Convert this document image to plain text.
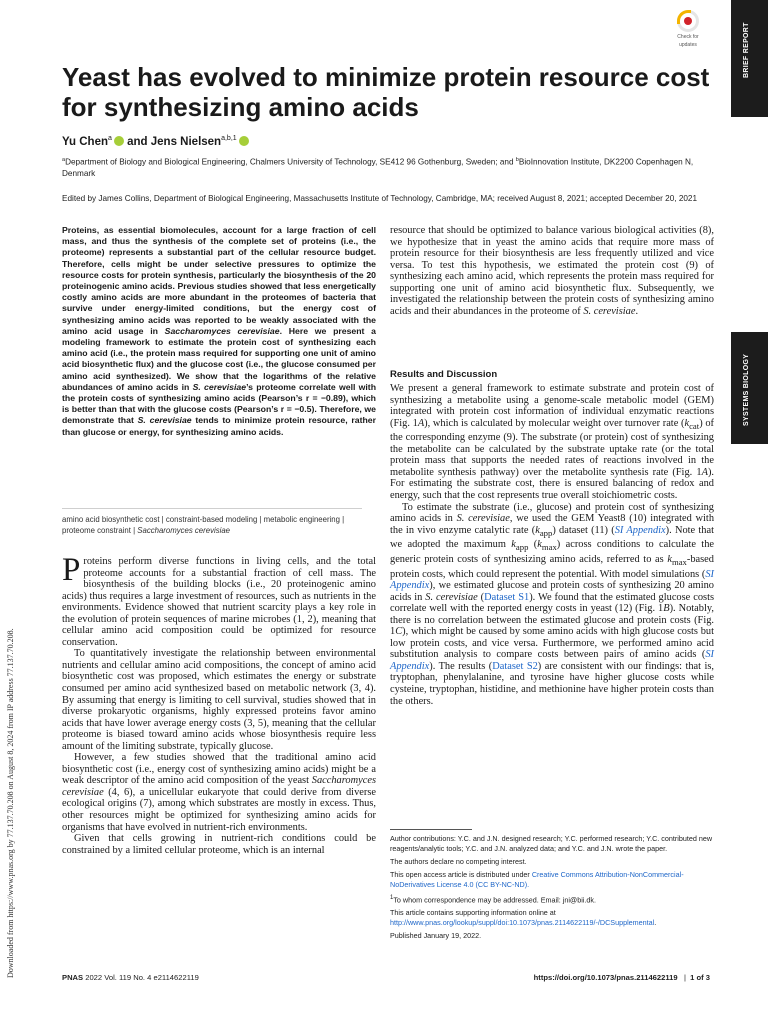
BRIEF REPORT
SYSTEMS BIOLOGY
Check for
updates
Yeast has evolved to minimize protein resource cost for synthesizing amino acids
Yu Chen$^a$ and Jens Nielsen$^{a,b,1}$
$^a$Department of Biology and Biological Engineering, Chalmers University of Technology, SE412 96 Gothenburg, Sweden; and $^b$BioInnovation Institute, DK2200 Copenhagen N, Denmark
Edited by James Collins, Department of Biological Engineering, Massachusetts Institute of Technology, Cambridge, MA; received August 8, 2021; accepted December 20, 2021
Proteins, as essential biomolecules, account for a large fraction of cell mass, and thus the synthesis of the complete set of proteins (i.e., the proteome) represents a substantial part of the cellular resource budget. Therefore, cells might be under selective pressures to optimize the resource costs for protein synthesis, particularly the biosynthesis of the 20 proteinogenic amino acids. Previous studies showed that less energetically costly amino acids are more abundant in the proteomes of bacteria that survive under energy-limited conditions, but the energy cost of synthesizing amino acids was reported to be weakly associated with the amino acid usage in Saccharomyces cerevisiae. Here we present a modeling framework to estimate the protein cost of synthesizing each amino acid (i.e., the protein mass required for supporting one unit of amino acid biosynthetic flux) and the glucose cost (i.e., the glucose consumed per amino acid synthesized). We show that the logarithms of the relative abundances of amino acids in S. cerevisiae’s proteome correlate well with the protein costs of synthesizing amino acids (Pearson’s r = −0.89), which is better than that with the glucose costs (Pearson’s r = −0.5). Therefore, we demonstrate that S. cerevisiae tends to minimize protein resource, rather than glucose or energy, for synthesizing amino acids.
amino acid biosynthetic cost | constraint-based modeling | metabolic engineering | proteome constraint | Saccharomyces cerevisiae

Proteins perform diverse functions in living cells, and the total proteome accounts for a substantial fraction of cell mass. The biosynthesis of the building blocks (i.e., 20 proteinogenic amino acids) thus requires a large investment of resources, such as nutrients in the environments. Evidence showed that nutrient scarcity plays a key role in the evolution of protein sequences of marine microbes (1, 2), meaning that cellular amino acid composition could be optimized for resource conservation.

To quantitatively investigate the relationship between environmental nutrients and cellular amino acid compositions, the concept of amino acid biosynthetic cost was proposed, which estimates the energy or substrate consumed per amino acid synthesized based on metabolic network (3, 4). By assuming that energy is limiting to cell survival, studies showed that in diverse prokaryotic organisms, highly expressed proteins favor amino acids that have lower average energy costs (3, 5), meaning that the cellular proteome is biased toward amino acids whose biosynthesis require less amount of the limiting substrate, typically glucose.

However, a few studies showed that the traditional amino acid biosynthetic cost (i.e., energy cost of synthesizing amino acids) might be a weak descriptor of the amino acid composition of the yeast Saccharomyces cerevisiae (4, 6), a unicellular eukaryote that could derive from diverse ecological origins (7), among which substrates are mostly in excess. Thus, other resources might be optimized for synthesizing amino acids for organisms that have evolved in nutrient-rich environments.

Given that cells growing in nutrient-rich conditions could be constrained by a limited cellular proteome, which is an internal

resource that should be optimized to balance various biological activities (8), we hypothesize that in yeast the amino acids that require more mass of protein resource for their biosynthesis are less frequently utilized and vice versa. To test this hypothesis, we estimated the protein cost (9) of synthesizing each amino acid, which represents the protein mass required for supporting one unit of amino acid biosynthetic flux. Subsequently, we investigated the relationship between the protein costs of synthesizing amino acids and their abundances in the proteome of S. cerevisiae.

Results and Discussion

We present a general framework to estimate substrate and protein cost of synthesizing a metabolite using a genome-scale metabolic model (GEM) integrated with protein cost information of individual enzymatic reactions (Fig. 1A), which is calculated by molecular weight over turnover rate $(k_{cat})$ of the corresponding enzyme (9). The substrate (or protein) cost of synthesizing the metabolite can be calculated by the substrate uptake rate (or the total protein mass that supports the needed rates of reactions involved in the metabolite synthesis pathway) over the metabolite synthesis rate (Fig. 1A). For estimating the substrate cost, there is ensured balancing of redox and energy, such that the cost represents true overall stoichiometric costs.

To estimate the substrate (i.e., glucose) and protein cost of synthesizing amino acids in S. cerevisiae, we used the GEM Yeast8 (10) integrated with the in vivo enzyme catalytic rate $(k_{app})$ dataset (11) (SI Appendix). Note that we adopted the maximum $k_{app}$ $(k_{max})$ across conditions to calculate the generic protein costs of synthesizing amino acids, referred to as $k_{max}$-based protein costs, which could represent the potential. With model simulations (SI Appendix), we estimated glucose and protein costs of synthesizing 20 amino acids in S. cerevisiae (Dataset S1). We found that the estimated glucose costs correlate well with the reported energy costs in yeast (12) (Fig. 1B). Notably, there is no correlation between the estimated glucose and protein costs (Fig. 1C), which might be caused by some amino acids with high glucose costs but low protein costs, and vice versa. Furthermore, we performed amino acid substitution analysis to compare costs between pairs of amino acids (SI Appendix). The results (Dataset S2) are consistent with our findings: that is, tryptophan, phenylalanine, and tyrosine have higher glucose costs while cysteine, tryptophan, histidine, and methionine have higher protein costs than the others.

Author contributions: Y.C. and J.N. designed research; Y.C. performed research; Y.C. contributed new reagents/analytic tools; Y.C. and J.N. analyzed data; and Y.C. and J.N. wrote the paper.

The authors declare no competing interest.

This open access article is distributed under Creative Commons Attribution-NonCommercial-NoDerivatives License 4.0 (CC BY-NC-ND).

$^1$To whom correspondence may be addressed. Email: jni@bii.dk.

This article contains supporting information online at http://www.pnas.org/lookup/suppl/doi:10.1073/pnas.2114622119/-/DCSupplemental.

Published January 19, 2022.

Downloaded from https://www.pnas.org by 77.137.70.208 on August 8, 2024 from IP address 77.137.70.208.	PNAS 2022 Vol. 119 No. 4 e2114622119	https://doi.org/10.1073/pnas.2114622119 | 1 of 3
